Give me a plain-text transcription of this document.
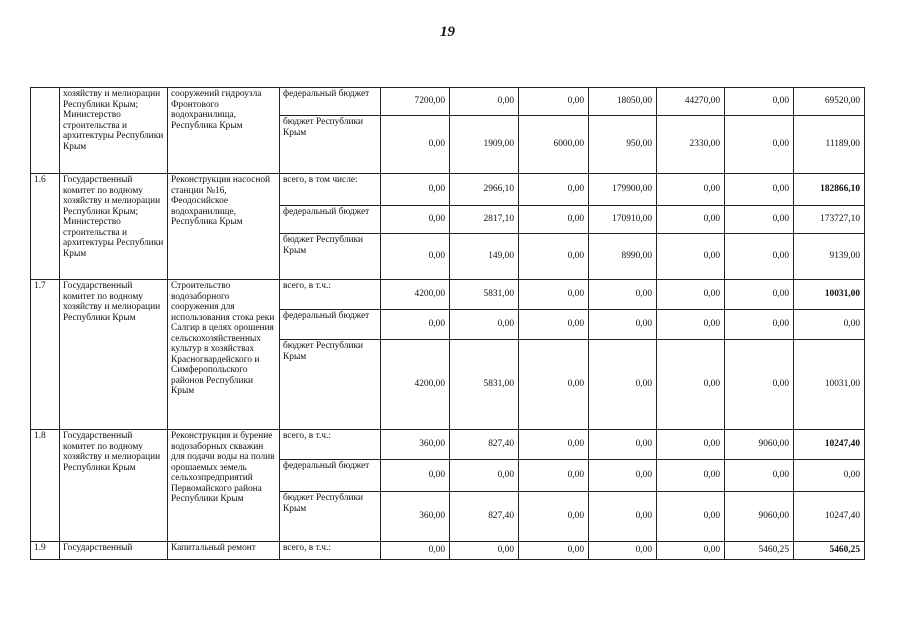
19
	хозяйству и мелиорации Республики Крым; Министерство строительства и архитектуры Республики Крым	сооружений гидроузла Фронтового водохранилища, Республика Крым	федеральный бюджет	7200,00	0,00	0,00	18050,00	44270,00	0,00	69520,00
			бюджет Республики Крым	0,00	1909,00	6000,00	950,00	2330,00	0,00	11189,00
1.6	Государственный комитет по водному хозяйству и мелиорации Республики Крым; Министерство строительства и архитектуры Республики Крым	Реконструкция насосной станции №16, Феодосийское водохранилище, Республика Крым	всего, в том числе:	0,00	2966,10	0,00	179900,00	0,00	0,00	182866,10
			федеральный бюджет	0,00	2817,10	0,00	170910,00	0,00	0,00	173727,10
			бюджет Республики Крым	0,00	149,00	0,00	8990,00	0,00	0,00	9139,00
1.7	Государственный комитет по водному хозяйству и мелиорации Республики Крым	Строительство водозаборного сооружения для использования стока реки Салгир в целях орошения сельскохозяйственных культур в хозяйствах Красногвардейского и Симферопольского районов Республики Крым	всего, в т.ч.:	4200,00	5831,00	0,00	0,00	0,00	0,00	10031,00
			федеральный бюджет	0,00	0,00	0,00	0,00	0,00	0,00	0,00
			бюджет Республики Крым	4200,00	5831,00	0,00	0,00	0,00	0,00	10031,00
1.8	Государственный комитет по водному хозяйству и мелиорации Республики Крым	Реконструкция и бурение водозаборных скважин для подачи воды на полив орошаемых земель сельхозпредприятий Первомайского района Республики Крым	всего, в т.ч.:	360,00	827,40	0,00	0,00	0,00	9060,00	10247,40
			федеральный бюджет	0,00	0,00	0,00	0,00	0,00	0,00	0,00
			бюджет Республики Крым	360,00	827,40	0,00	0,00	0,00	9060,00	10247,40
1.9	Государственный	Капитальный ремонт	всего, в т.ч.:	0,00	0,00	0,00	0,00	0,00	5460,25	5460,25
